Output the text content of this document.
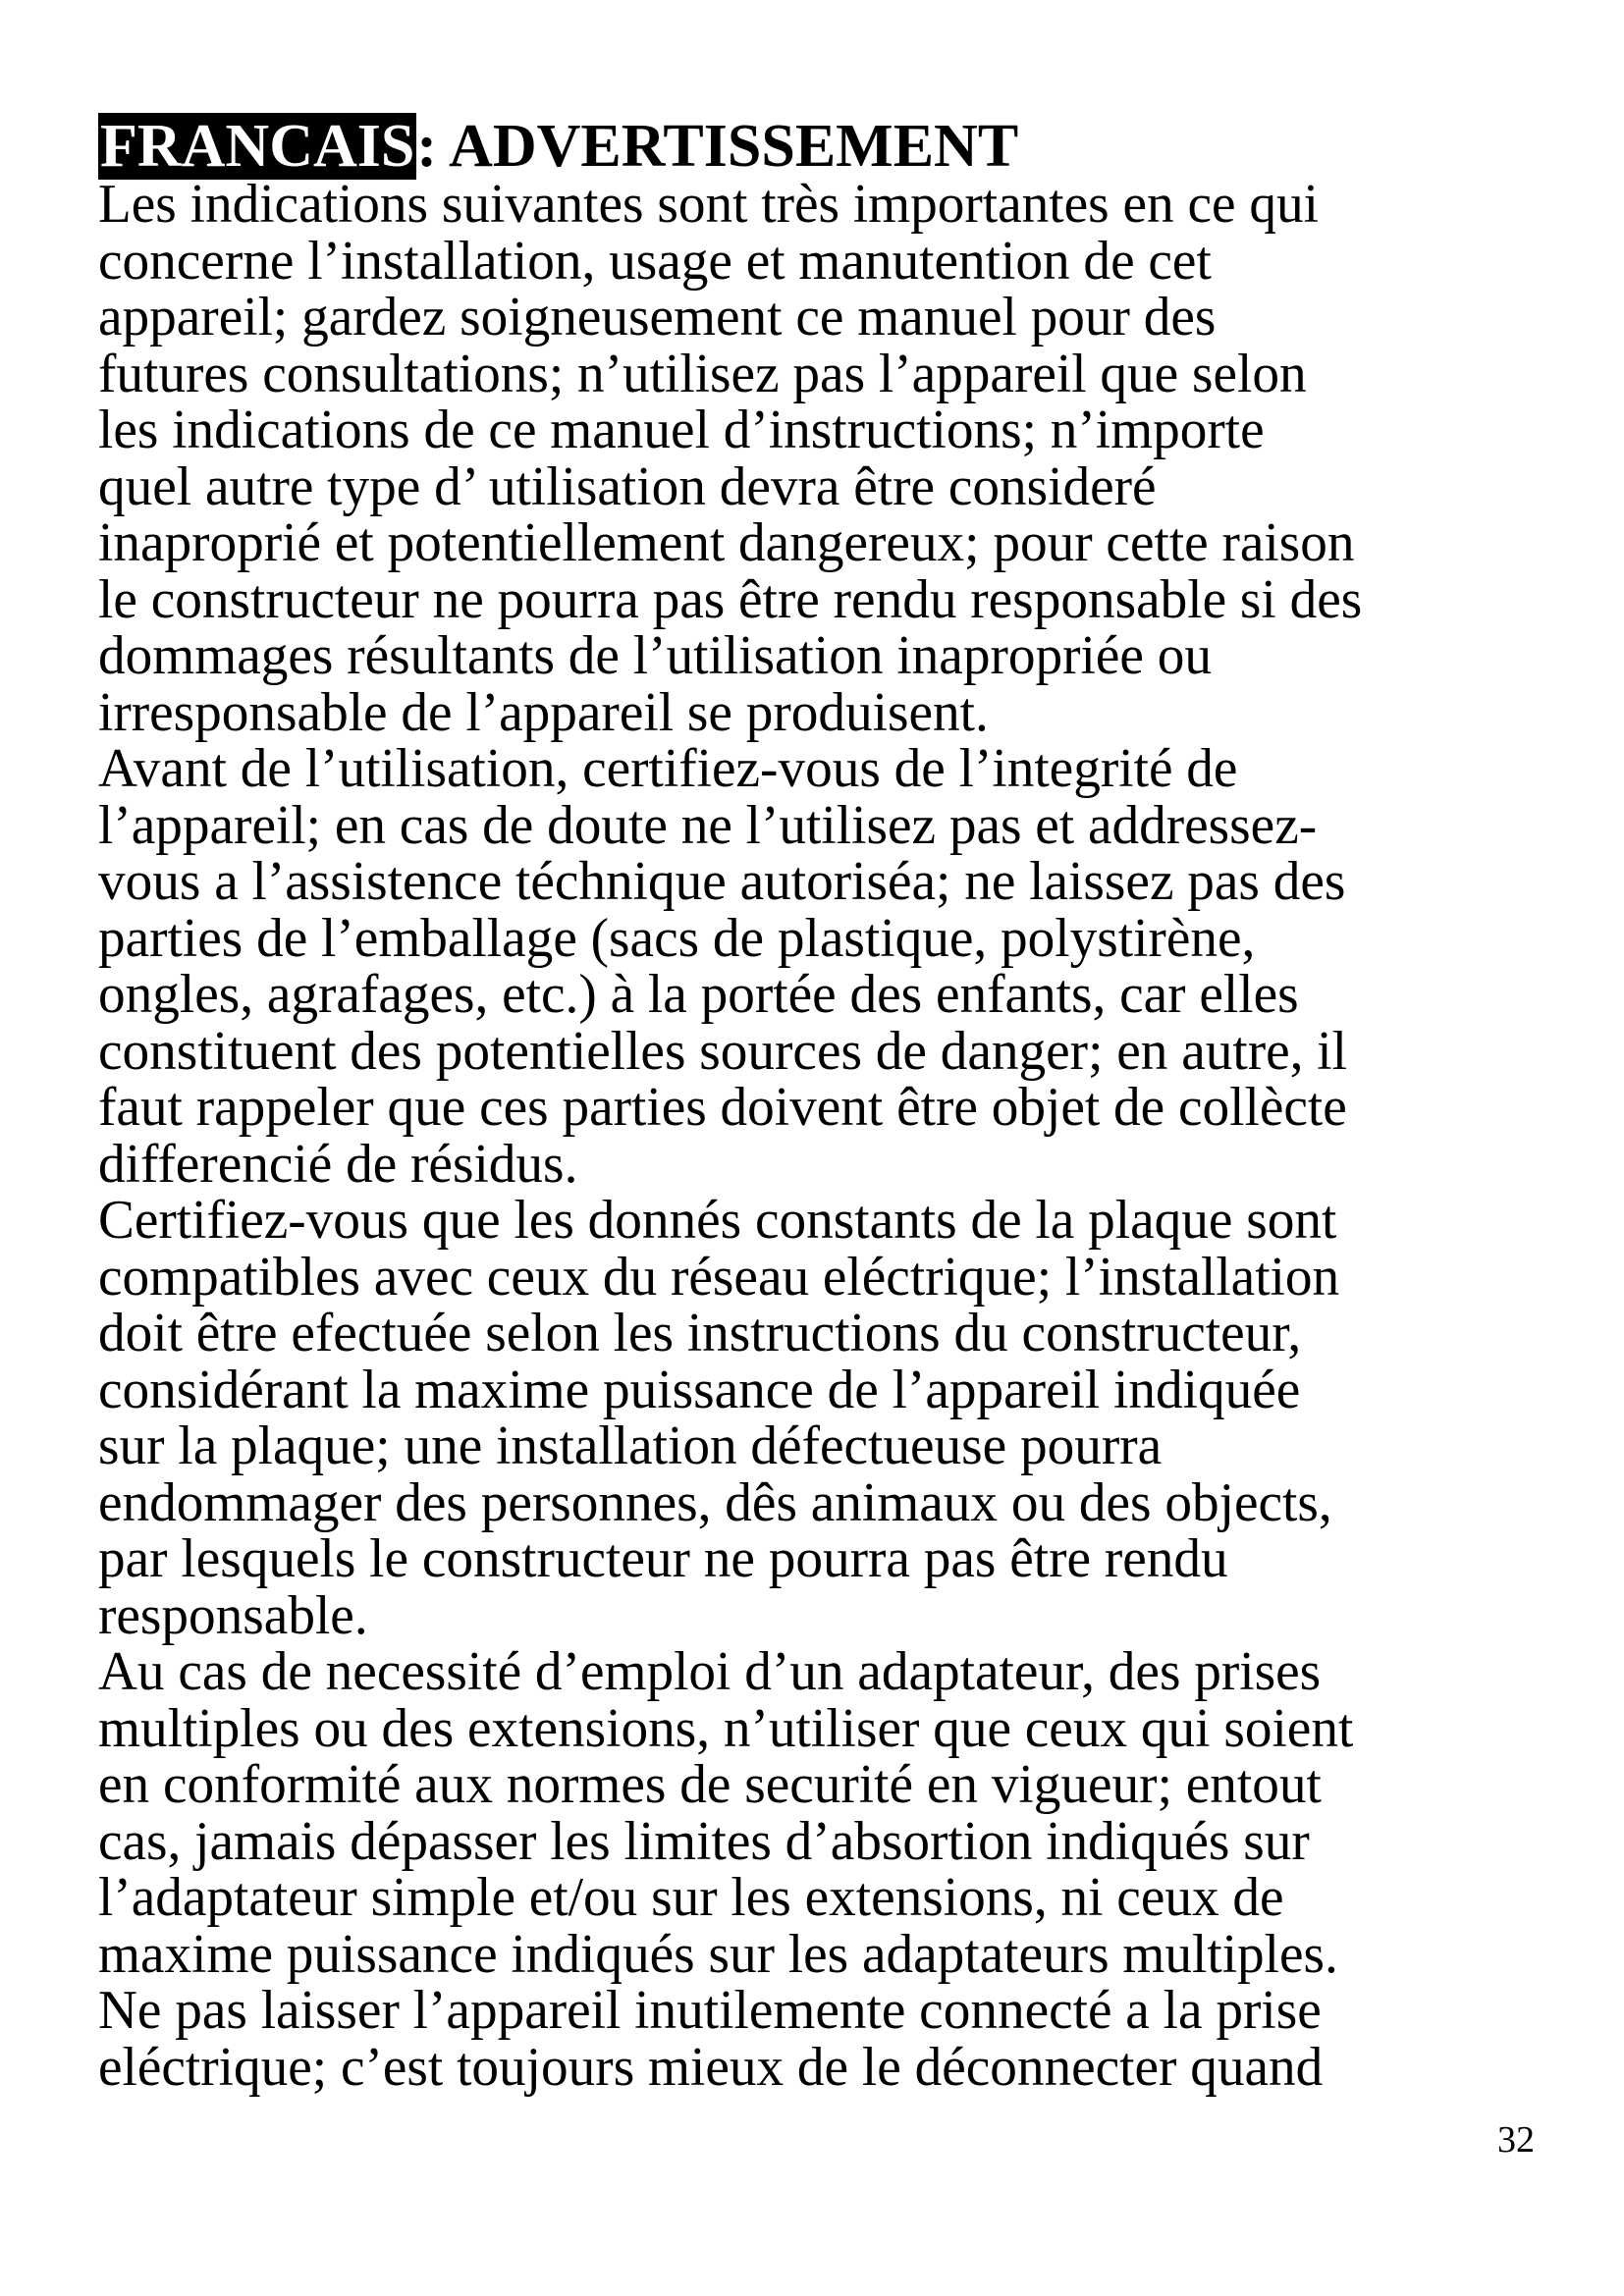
FRANCAIS: ADVERTISSEMENT
Les indications suivantes sont très importantes en ce qui
concerne l’installation, usage et manutention de cet
appareil; gardez soigneusement ce manuel pour des
futures consultations; n’utilisez pas l’appareil que selon
les indications de ce manuel d’instructions; n’importe
quel autre type d’ utilisation devra être consideré
inaproprié et potentiellement dangereux; pour cette raison
le constructeur ne pourra pas être rendu responsable si des
dommages résultants de l’utilisation inapropriée ou
irresponsable de l’appareil se produisent.
Avant de l’utilisation, certifiez-vous de l’integrité de
l’appareil; en cas de doute ne l’utilisez pas et addressez-
vous a l’assistence téchnique autoriséa; ne laissez pas des
parties de l’emballage (sacs de plastique, polystirène,
ongles, agrafages, etc.) à la portée des enfants, car elles
constituent des potentielles sources de danger; en autre, il
faut rappeler que ces parties doivent être objet de collècte
differencié de résidus.
Certifiez-vous que les donnés constants de la plaque sont
compatibles avec ceux du réseau eléctrique; l’installation
doit être efectuée selon les instructions du constructeur,
considérant la maxime puissance de l’appareil indiquée
sur la plaque; une installation défectueuse pourra
endommager des personnes, dês animaux ou des objects,
par lesquels le constructeur ne pourra pas être rendu
responsable.
Au cas de necessité d’emploi d’un adaptateur, des prises
multiples ou des extensions, n’utiliser que ceux qui soient
en conformité aux normes de securité en vigueur; entout
cas, jamais dépasser les limites d’absortion indiqués sur
l’adaptateur simple et/ou sur les extensions, ni ceux de
maxime puissance indiqués sur les adaptateurs multiples.
Ne pas laisser l’appareil inutilemente connecté a la prise
eléctrique; c’est toujours mieux de le déconnecter quand
32
